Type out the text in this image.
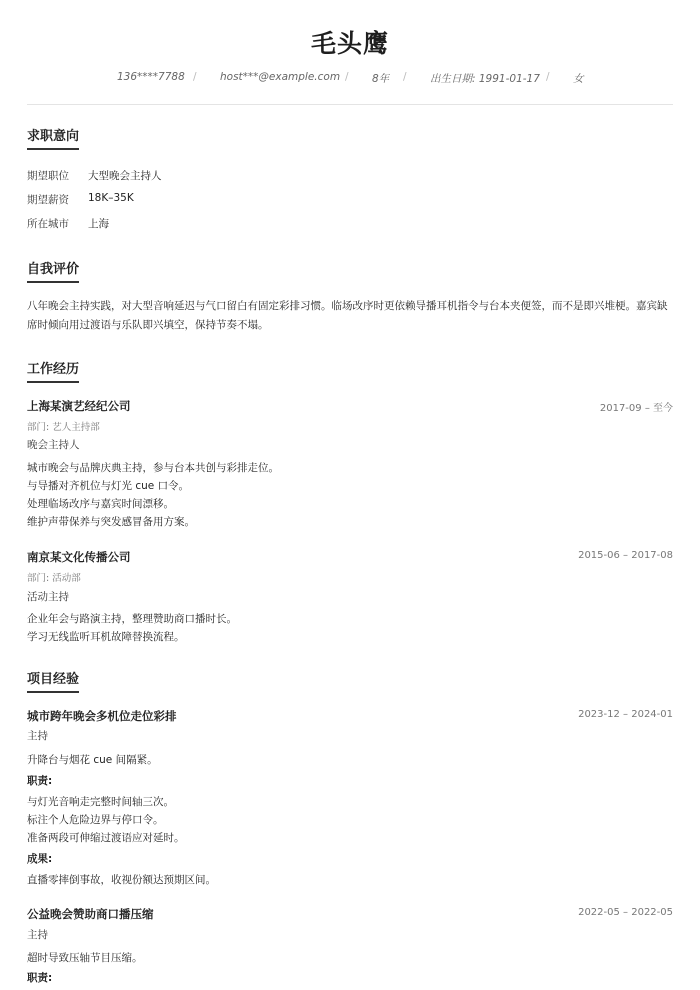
毛头鹰
136****7788 / host***@example.com / 8年 / 出生日期: 1991-01-17 / 女
求职意向
期望职位 大型晚会主持人
期望薪资 18K–35K
所在城市 上海
自我评价
八年晚会主持实践，对大型音响延迟与气口留白有固定彩排习惯。临场改序时更依赖导播耳机指令与台本夹便签，而不是即兴堆梗。嘉宾缺席时倾向用过渡语与乐队即兴填空，保持节奏不塌。
工作经历
上海某演艺经纪公司	2017-09 – 至今
部门: 艺人主持部
晚会主持人
城市晚会与品牌庆典主持，参与台本共创与彩排走位。
与导播对齐机位与灯光 cue 口令。
处理临场改序与嘉宾时间漂移。
维护声带保养与突发感冒备用方案。
南京某文化传播公司	2015-06 – 2017-08
部门: 活动部
活动主持
企业年会与路演主持，整理赞助商口播时长。
学习无线监听耳机故障替换流程。
项目经验
城市跨年晚会多机位走位彩排	2023-12 – 2024-01
主持
升降台与烟花 cue 间隔紧。
职责:
与灯光音响走完整时间轴三次。
标注个人危险边界与停口令。
准备两段可伸缩过渡语应对延时。
成果:
直播零摔倒事故，收视份额达预期区间。
公益晚会赞助商口播压缩	2022-05 – 2022-05
主持
超时导致压轴节目压缩。
职责:
